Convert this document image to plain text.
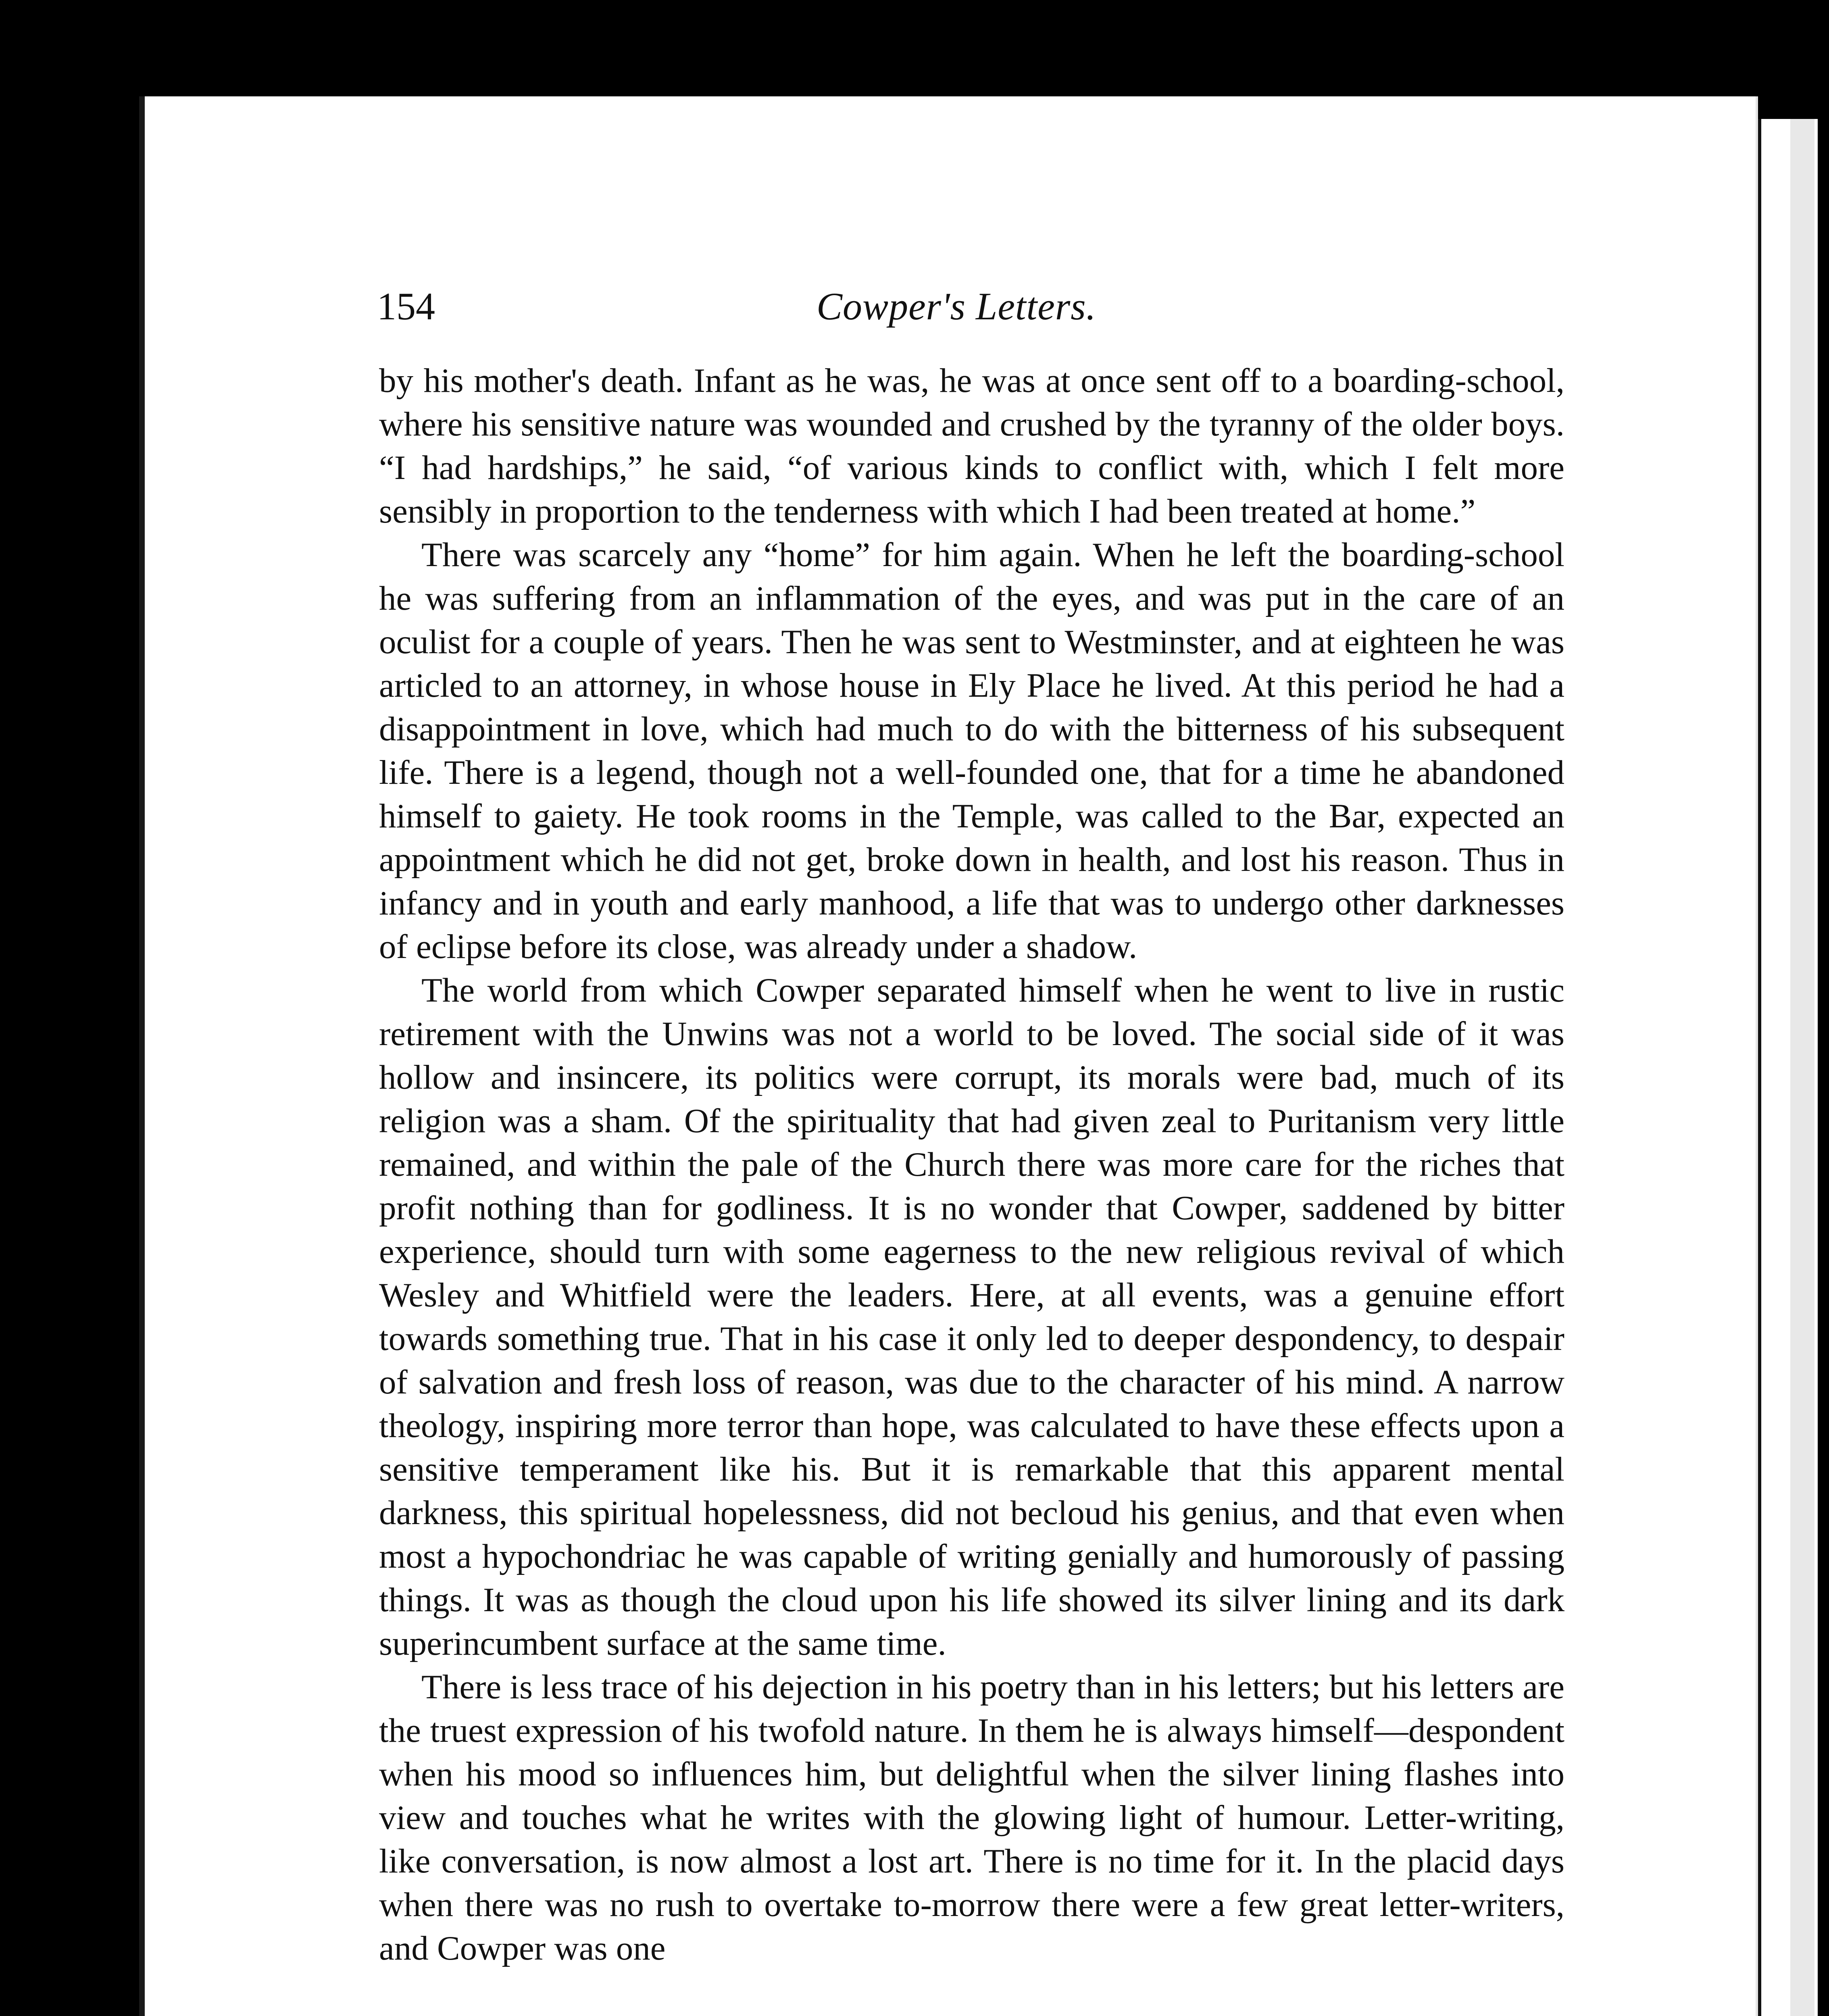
154	Cowper's Letters.

by his mother's death. Infant as he was, he was at once sent off to a boarding-school, where his sensitive nature was wounded and crushed by the tyranny of the older boys. “I had hardships,” he said, “of various kinds to conflict with, which I felt more sensibly in proportion to the tenderness with which I had been treated at home.”

There was scarcely any “home” for him again. When he left the boarding-school he was suffering from an inflammation of the eyes, and was put in the care of an oculist for a couple of years. Then he was sent to Westminster, and at eighteen he was articled to an attorney, in whose house in Ely Place he lived. At this period he had a disappointment in love, which had much to do with the bitterness of his subsequent life. There is a legend, though not a well-founded one, that for a time he abandoned himself to gaiety. He took rooms in the Temple, was called to the Bar, expected an appointment which he did not get, broke down in health, and lost his reason. Thus in infancy and in youth and early manhood, a life that was to undergo other darknesses of eclipse before its close, was already under a shadow.

The world from which Cowper separated himself when he went to live in rustic retirement with the Unwins was not a world to be loved. The social side of it was hollow and insincere, its politics were corrupt, its morals were bad, much of its religion was a sham. Of the spirituality that had given zeal to Puritanism very little remained, and within the pale of the Church there was more care for the riches that profit nothing than for godliness. It is no wonder that Cowper, saddened by bitter experience, should turn with some eagerness to the new religious revival of which Wesley and Whitfield were the leaders. Here, at all events, was a genuine effort towards something true. That in his case it only led to deeper despondency, to despair of salvation and fresh loss of reason, was due to the character of his mind. A narrow theology, inspiring more terror than hope, was calculated to have these effects upon a sensitive temperament like his. But it is remarkable that this apparent mental darkness, this spiritual hopelessness, did not becloud his genius, and that even when most a hypochondriac he was capable of writing genially and humorously of passing things. It was as though the cloud upon his life showed its silver lining and its dark superincumbent surface at the same time.

There is less trace of his dejection in his poetry than in his letters; but his letters are the truest expression of his twofold nature. In them he is always himself—despondent when his mood so influences him, but delightful when the silver lining flashes into view and touches what he writes with the glowing light of humour. Letter-writing, like conversation, is now almost a lost art. There is no time for it. In the placid days when there was no rush to overtake to-morrow there were a few great letter-writers, and Cowper was one
